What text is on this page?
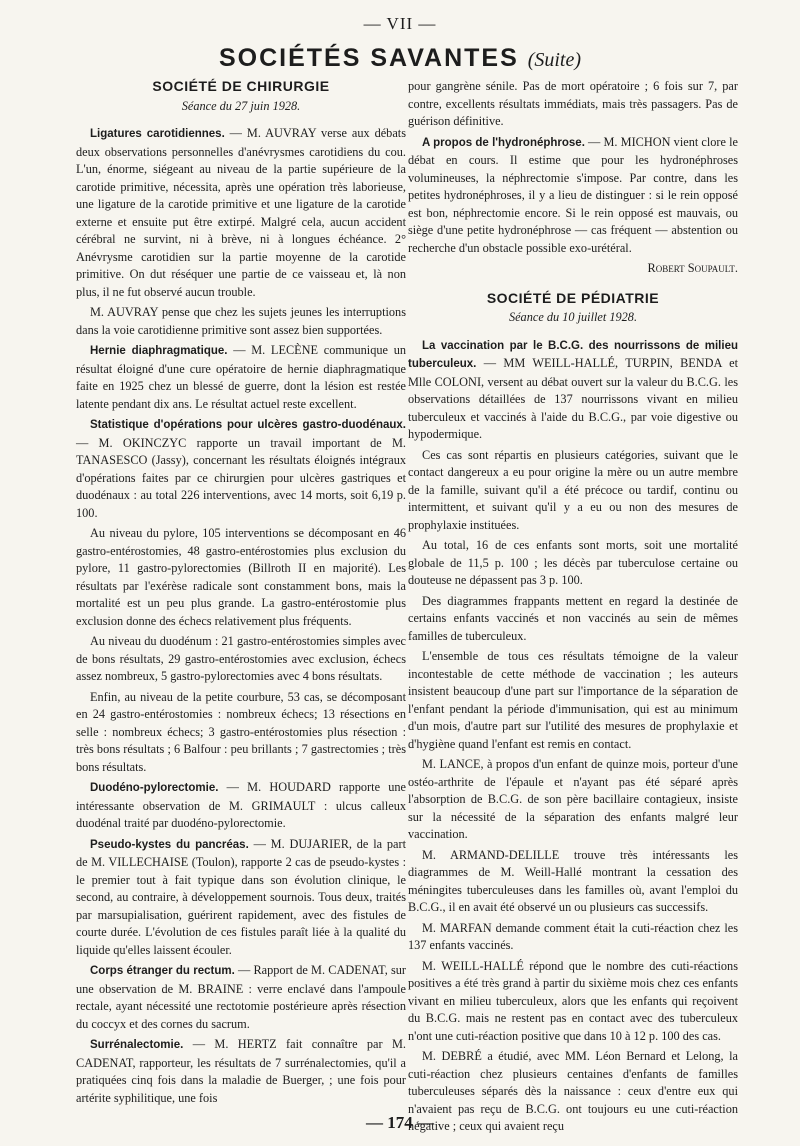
— VII —
SOCIÉTÉS SAVANTES (Suite)
SOCIÉTÉ DE CHIRURGIE
Séance du 27 juin 1928.

Ligatures carotidiennes. — M. AUVRAY verse aux débats deux observations personnelles d'anévrysmes carotidiens du cou. L'un, énorme, siégeant au niveau de la partie supérieure de la carotide primitive, nécessita, après une opération très laborieuse, une ligature de la carotide primitive et une ligature de la carotide externe et ensuite put être extirpé. Malgré cela, aucun accident cérébral ne survint, ni à brève, ni à longues échéance. 2° Anévrysme carotidien sur la partie moyenne de la carotide primitive. On dut réséquer une partie de ce vaisseau et, là non plus, il ne fut observé aucun trouble.

M. AUVRAY pense que chez les sujets jeunes les interruptions dans la voie carotidienne primitive sont assez bien supportées.

Hernie diaphragmatique. — M. LECÈNE communique un résultat éloigné d'une cure opératoire de hernie diaphragmatique faite en 1925 chez un blessé de guerre, dont la lésion est restée latente pendant dix ans. Le résultat actuel reste excellent.

Statistique d'opérations pour ulcères gastro-duodénaux. — M. OKINCZYC rapporte un travail important de M. TANASESCO (Jassy), concernant les résultats éloignés intégraux d'opérations faites par ce chirurgien pour ulcères gastriques et duodénaux : au total 226 interventions, avec 14 morts, soit 6,19 p. 100.

Au niveau du pylore, 105 interventions se décomposant en 46 gastro-entérostomies, 48 gastro-entérostomies plus exclusion du pylore, 11 gastro-pylorectomies (Billroth II en majorité). Les résultats par l'exérèse radicale sont constamment bons, mais la mortalité est un peu plus grande. La gastro-entérostomie plus exclusion donne des échecs relativement plus fréquents.

Au niveau du duodénum : 21 gastro-entérostomies simples avec de bons résultats, 29 gastro-entérostomies avec exclusion, échecs assez nombreux, 5 gastro-pylorectomies avec 4 bons résultats.

Enfin, au niveau de la petite courbure, 53 cas, se décomposant en 24 gastro-entérostomies : nombreux échecs; 13 résections en selle : nombreux échecs; 3 gastro-entérostomies plus résection : très bons résultats ; 6 Balfour : peu brillants ; 7 gastrectomies ; très bons résultats.

Duodéno-pylorectomie. — M. HOUDARD rapporte une intéressante observation de M. GRIMAULT : ulcus calleux duodénal traité par duodéno-pylorectomie.

Pseudo-kystes du pancréas. — M. DUJARIER, de la part de M. VILLECHAISE (Toulon), rapporte 2 cas de pseudo-kystes : le premier tout à fait typique dans son évolution clinique, le second, au contraire, à développement sournois. Tous deux, traités par marsupialisation, guérirent rapidement, avec des fistules de courte durée. L'évolution de ces fistules paraît liée à la qualité du liquide qu'elles laissent écouler.

Corps étranger du rectum. — Rapport de M. CADENAT, sur une observation de M. BRAINE : verre enclavé dans l'ampoule rectale, ayant nécessité une rectotomie postérieure après résection du coccyx et des cornes du sacrum.

Surrénalectomie. — M. HERTZ fait connaître par M. CADENAT, rapporteur, les résultats de 7 surrénalectomies, qu'il a pratiquées cinq fois dans la maladie de Buerger, ; une fois pour artérite syphilitique, une fois

pour gangrène sénile. Pas de mort opératoire ; 6 fois sur 7, par contre, excellents résultats immédiats, mais très passagers. Pas de guérison définitive.

A propos de l'hydronéphrose. — M. MICHON vient clore le débat en cours. Il estime que pour les hydronéphroses volumineuses, la néphrectomie s'impose. Par contre, dans les petites hydronéphroses, il y a lieu de distinguer : si le rein opposé est bon, néphrectomie encore. Si le rein opposé est mauvais, ou siège d'une petite hydronéphrose — cas fréquent — abstention ou recherche d'un obstacle possible exo-urétéral.

Robert Soupault.
SOCIÉTÉ DE PÉDIATRIE
Séance du 10 juillet 1928.

La vaccination par le B.C.G. des nourrissons de milieu tuberculeux. — MM WEILL-HALLÉ, TURPIN, BENDA et Mlle COLONI, versent au débat ouvert sur la valeur du B.C.G. les observations détaillées de 137 nourrissons vivant en milieu tuberculeux et vaccinés à l'aide du B.C.G., par voie digestive ou hypodermique.

Ces cas sont répartis en plusieurs catégories, suivant que le contact dangereux a eu pour origine la mère ou un autre membre de la famille, suivant qu'il a été précoce ou tardif, continu ou intermittent, et suivant qu'il y a eu ou non des mesures de prophylaxie instituées.

Au total, 16 de ces enfants sont morts, soit une mortalité globale de 11,5 p. 100 ; les décès par tuberculose certaine ou douteuse ne dépassent pas 3 p. 100.

Des diagrammes frappants mettent en regard la destinée de certains enfants vaccinés et non vaccinés au sein de mêmes familles de tuberculeux.

L'ensemble de tous ces résultats témoigne de la valeur incontestable de cette méthode de vaccination ; les auteurs insistent beaucoup d'une part sur l'importance de la séparation de l'enfant pendant la période d'immunisation, qui est au minimum d'un mois, d'autre part sur l'utilité des mesures de prophylaxie et d'hygiène quand l'enfant est remis en contact.

M. LANCE, à propos d'un enfant de quinze mois, porteur d'une ostéo-arthrite de l'épaule et n'ayant pas été séparé après l'absorption de B.C.G. de son père bacillaire contagieux, insiste sur la nécessité de la séparation des enfants malgré leur vaccination.

M. ARMAND-DELILLE trouve très intéressants les diagrammes de M. Weill-Hallé montrant la cessation des méningites tuberculeuses dans les familles où, avant l'emploi du B.C.G., il en avait été observé un ou plusieurs cas successifs.

M. MARFAN demande comment était la cuti-réaction chez les 137 enfants vaccinés.

M. WEILL-HALLÉ répond que le nombre des cuti-réactions positives a été très grand à partir du sixième mois chez ces enfants vivant en milieu tuberculeux, alors que les enfants qui reçoivent du B.C.G. mais ne restent pas en contact avec des tuberculeux n'ont une cuti-réaction positive que dans 10 à 12 p. 100 des cas.

M. DEBRÉ a étudié, avec MM. Léon Bernard et Lelong, la cuti-réaction chez plusieurs centaines d'enfants de familles tuberculeuses séparés dès la naissance : ceux d'entre eux qui n'avaient pas reçu de B.C.G. ont toujours eu une cuti-réaction négative ; ceux qui avaient reçu

— 174 —
